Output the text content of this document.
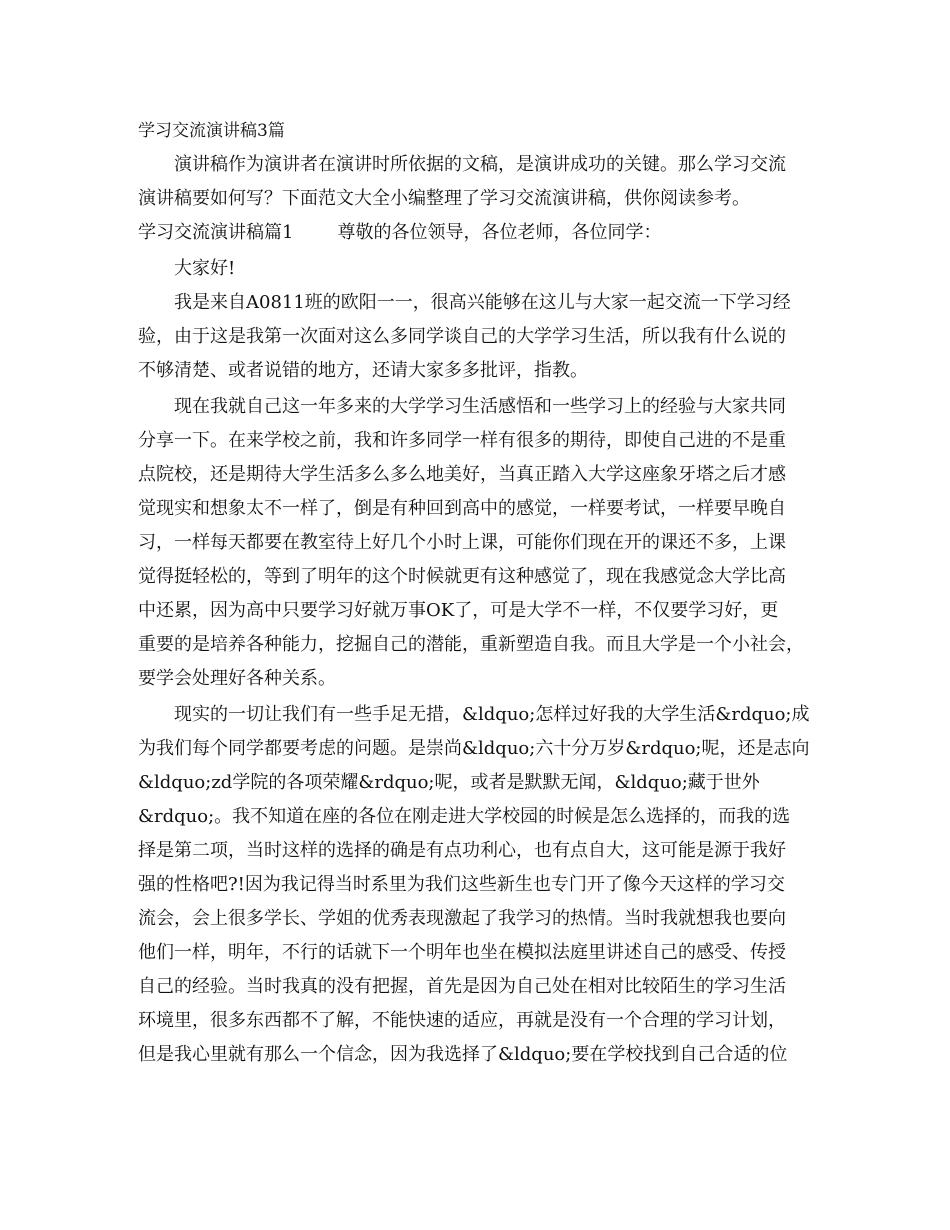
学习交流演讲稿3篇
演讲稿作为演讲者在演讲时所依据的文稿，是演讲成功的关键。那么学习交流
演讲稿要如何写？下面范文大全小编整理了学习交流演讲稿，供你阅读参考。
学习交流演讲稿篇1 尊敬的各位领导，各位老师，各位同学：
大家好!
我是来自A0811班的欧阳一一，很高兴能够在这儿与大家一起交流一下学习经
验，由于这是我第一次面对这么多同学谈自己的大学学习生活，所以我有什么说的
不够清楚、或者说错的地方，还请大家多多批评，指教。
现在我就自己这一年多来的大学学习生活感悟和一些学习上的经验与大家共同
分享一下。在来学校之前，我和许多同学一样有很多的期待，即使自己进的不是重
点院校，还是期待大学生活多么多么地美好，当真正踏入大学这座象牙塔之后才感
觉现实和想象太不一样了，倒是有种回到高中的感觉，一样要考试，一样要早晚自
习，一样每天都要在教室待上好几个小时上课，可能你们现在开的课还不多，上课
觉得挺轻松的，等到了明年的这个时候就更有这种感觉了，现在我感觉念大学比高
中还累，因为高中只要学习好就万事OK了，可是大学不一样，不仅要学习好，更
重要的是培养各种能力，挖掘自己的潜能，重新塑造自我。而且大学是一个小社会，
要学会处理好各种关系。
现实的一切让我们有一些手足无措，&ldquo;怎样过好我的大学生活&rdquo;成
为我们每个同学都要考虑的问题。是崇尚&ldquo;六十分万岁&rdquo;呢，还是志向
&ldquo;zd学院的各项荣耀&rdquo;呢，或者是默默无闻，&ldquo;藏于世外
&rdquo;。我不知道在座的各位在刚走进大学校园的时候是怎么选择的，而我的选
择是第二项，当时这样的选择的确是有点功利心，也有点自大，这可能是源于我好
强的性格吧?!因为我记得当时系里为我们这些新生也专门开了像今天这样的学习交
流会，会上很多学长、学姐的优秀表现激起了我学习的热情。当时我就想我也要向
他们一样，明年，不行的话就下一个明年也坐在模拟法庭里讲述自己的感受、传授
自己的经验。当时我真的没有把握，首先是因为自己处在相对比较陌生的学习生活
环境里，很多东西都不了解，不能快速的适应，再就是没有一个合理的学习计划，
但是我心里就有那么一个信念，因为我选择了&ldquo;要在学校找到自己合适的位
